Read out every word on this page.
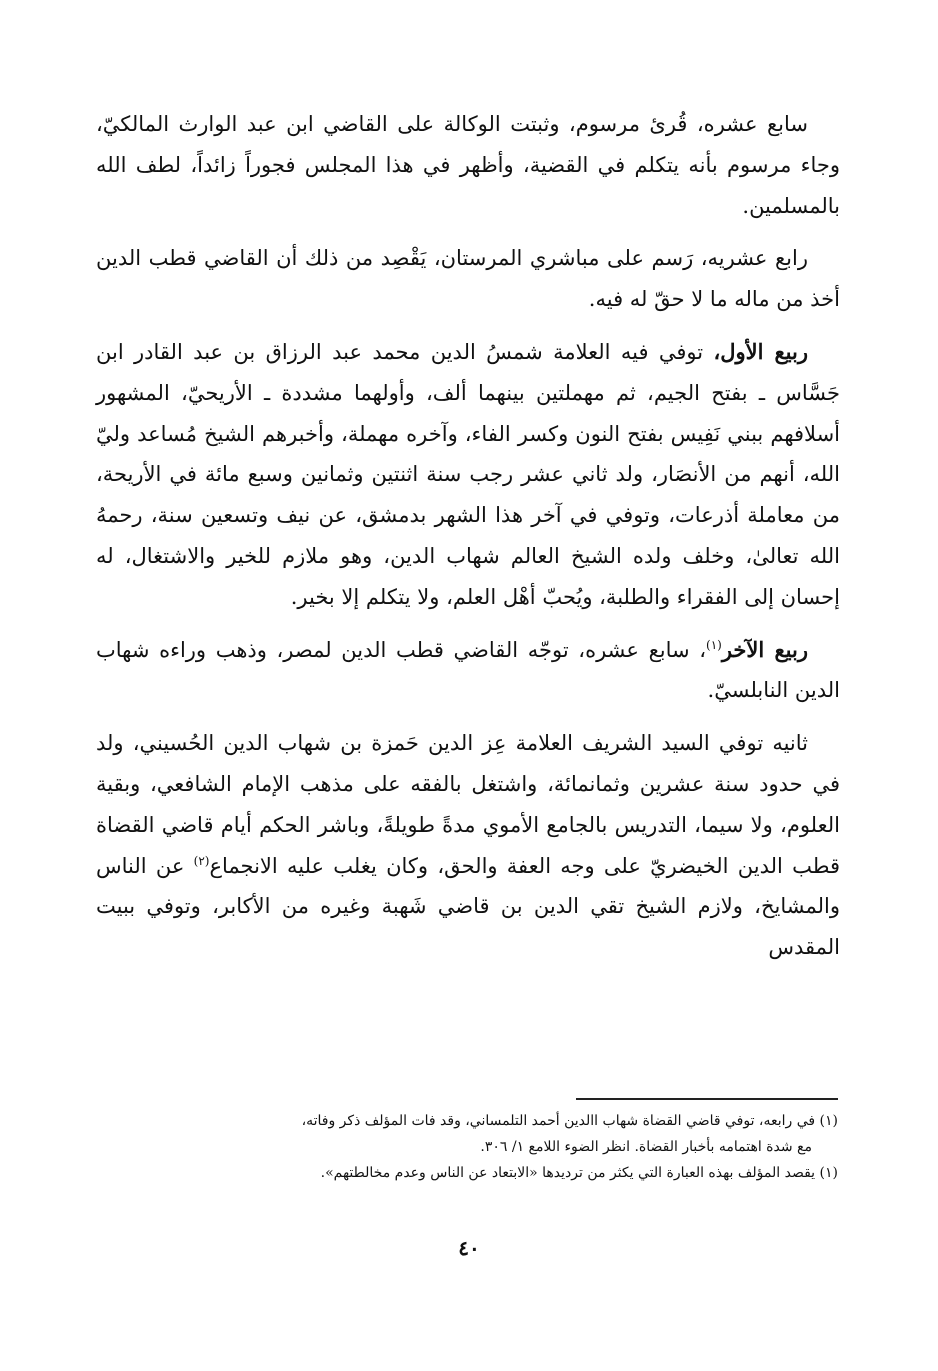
سابع عشره، قُرئ مرسوم، وثبتت الوكالة على القاضي ابن عبد الوارث المالكيّ، وجاء مرسوم بأنه يتكلم في القضية، وأظهر في هذا المجلس فجوراً زائداً، لطف الله بالمسلمين.

رابع عشريه، رَسم على مباشري المرستان، يَقْصِد من ذلك أن القاضي قطب الدين أخذ من ماله ما لا حقّ له فيه.

ربيع الأول، توفي فيه العلامة شمسُ الدين محمد عبد الرزاق بن عبد القادر ابن جَسَّاس ـ بفتح الجيم، ثم مهملتين بينهما ألف، وأولهما مشددة ـ الأريحيّ، المشهور أسلافهم ببني نَفِيس بفتح النون وكسر الفاء، وآخره مهملة، وأخبرهم الشيخ مُساعد وليّ الله، أنهم من الأنصَار، ولد ثاني عشر رجب سنة اثنتين وثمانين وسبع مائة في الأريحة، من معاملة أذرعات، وتوفي في آخر هذا الشهر بدمشق، عن نيف وتسعين سنة، رحمهُ الله تعالىٰ، وخلف ولده الشيخ العالم شهاب الدين، وهو ملازم للخير والاشتغال، له إحسان إلى الفقراء والطلبة، ويُحبّ أهْل العلم، ولا يتكلم إلا بخير.

ربيع الآخر$^{(١)}$، سابع عشره، توجّه القاضي قطب الدين لمصر، وذهب وراءه شهاب الدين النابلسيّ.

ثانيه توفي السيد الشريف العلامة عِز الدين حَمزة بن شهاب الدين الحُسيني، ولد في حدود سنة عشرين وثمانمائة، واشتغل بالفقه على مذهب الإمام الشافعي، وبقية العلوم، ولا سيما، التدريس بالجامع الأموي مدةً طويلةً، وباشر الحكم أيام قاضي القضاة قطب الدين الخيضريّ على وجه العفة والحق، وكان يغلب عليه الانجماع$^{(٢)}$ عن الناس والمشايخ، ولازم الشيخ تقي الدين بن قاضي شَهبة وغيره من الأكابر، وتوفي ببيت المقدس

(١) في رابعه، توفي قاضي القضاة شهاب االدين أحمد التلمساني، وقد فات المؤلف ذكر وفاته،
مع شدة اهتمامه بأخبار القضاة. انظر الضوء اللامع ١/ ٣٠٦.

(١) يقصد المؤلف بهذه العبارة التي يكثر من ترديدها «الابتعاد عن الناس وعدم مخالطتهم».

٤٠
